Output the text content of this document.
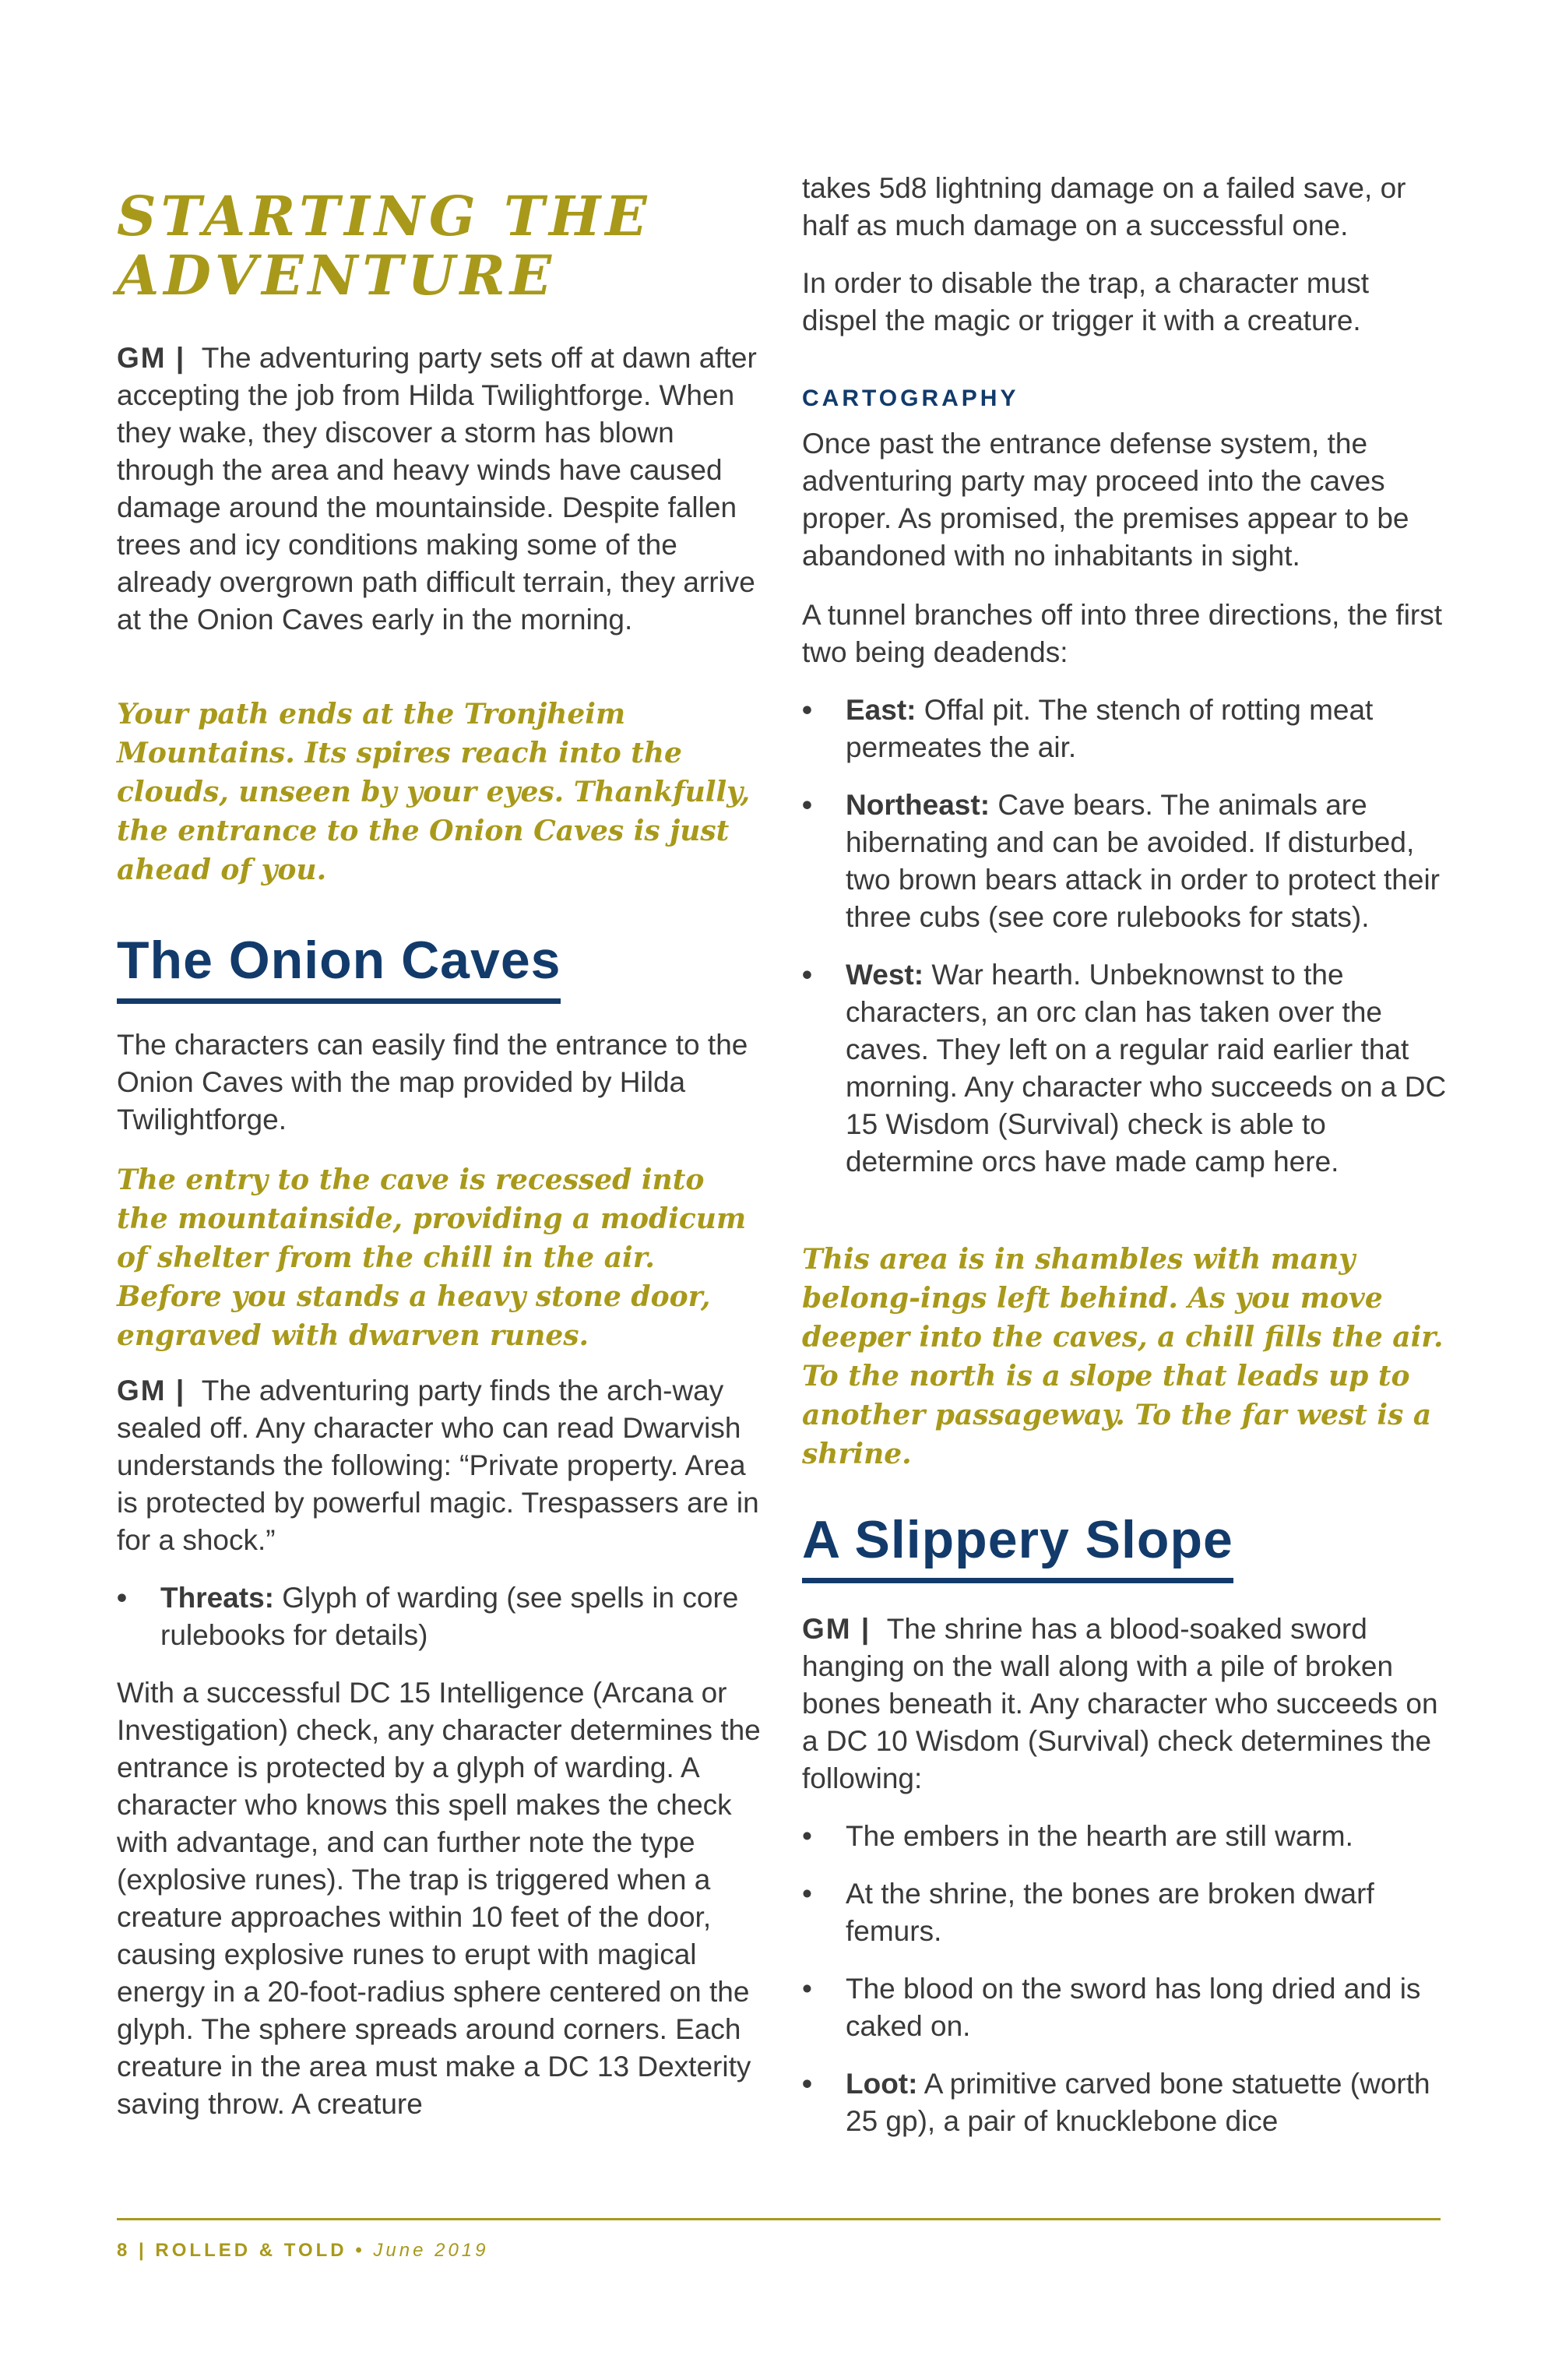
STARTING THE ADVENTURE

GM | The adventuring party sets off at dawn after accepting the job from Hilda Twilightforge. When they wake, they discover a storm has blown through the area and heavy winds have caused damage around the mountainside. Despite fallen trees and icy conditions making some of the already overgrown path difficult terrain, they arrive at the Onion Caves early in the morning.

Your path ends at the Tronjheim Mountains. Its spires reach into the clouds, unseen by your eyes. Thankfully, the entrance to the Onion Caves is just ahead of you.

The Onion Caves

The characters can easily find the entrance to the Onion Caves with the map provided by Hilda Twilightforge.

The entry to the cave is recessed into the mountainside, providing a modicum of shelter from the chill in the air. Before you stands a heavy stone door, engraved with dwarven runes.

GM | The adventuring party finds the arch-way sealed off. Any character who can read Dwarvish understands the following: “Private property. Area is protected by powerful magic. Trespassers are in for a shock.”

• Threats: Glyph of warding (see spells in core rulebooks for details)

With a successful DC 15 Intelligence (Arcana or Investigation) check, any character determines the entrance is protected by a glyph of warding. A character who knows this spell makes the check with advantage, and can further note the type (explosive runes). The trap is triggered when a creature approaches within 10 feet of the door, causing explosive runes to erupt with magical energy in a 20-foot-radius sphere centered on the glyph. The sphere spreads around corners. Each creature in the area must make a DC 13 Dexterity saving throw. A creature

takes 5d8 lightning damage on a failed save, or half as much damage on a successful one.

In order to disable the trap, a character must dispel the magic or trigger it with a creature.

CARTOGRAPHY

Once past the entrance defense system, the adventuring party may proceed into the caves proper. As promised, the premises appear to be abandoned with no inhabitants in sight.

A tunnel branches off into three directions, the first two being deadends:

• East: Offal pit. The stench of rotting meat permeates the air.
• Northeast: Cave bears. The animals are hibernating and can be avoided. If disturbed, two brown bears attack in order to protect their three cubs (see core rulebooks for stats).
• West: War hearth. Unbeknownst to the characters, an orc clan has taken over the caves. They left on a regular raid earlier that morning. Any character who succeeds on a DC 15 Wisdom (Survival) check is able to determine orcs have made camp here.

This area is in shambles with many belong-ings left behind. As you move deeper into the caves, a chill fills the air. To the north is a slope that leads up to another passageway. To the far west is a shrine.

A Slippery Slope

GM | The shrine has a blood-soaked sword hanging on the wall along with a pile of broken bones beneath it. Any character who succeeds on a DC 10 Wisdom (Survival) check determines the following:

• The embers in the hearth are still warm.
• At the shrine, the bones are broken dwarf femurs.
• The blood on the sword has long dried and is caked on.
• Loot: A primitive carved bone statuette (worth 25 gp), a pair of knucklebone dice
8 | ROLLED & TOLD • June 2019
